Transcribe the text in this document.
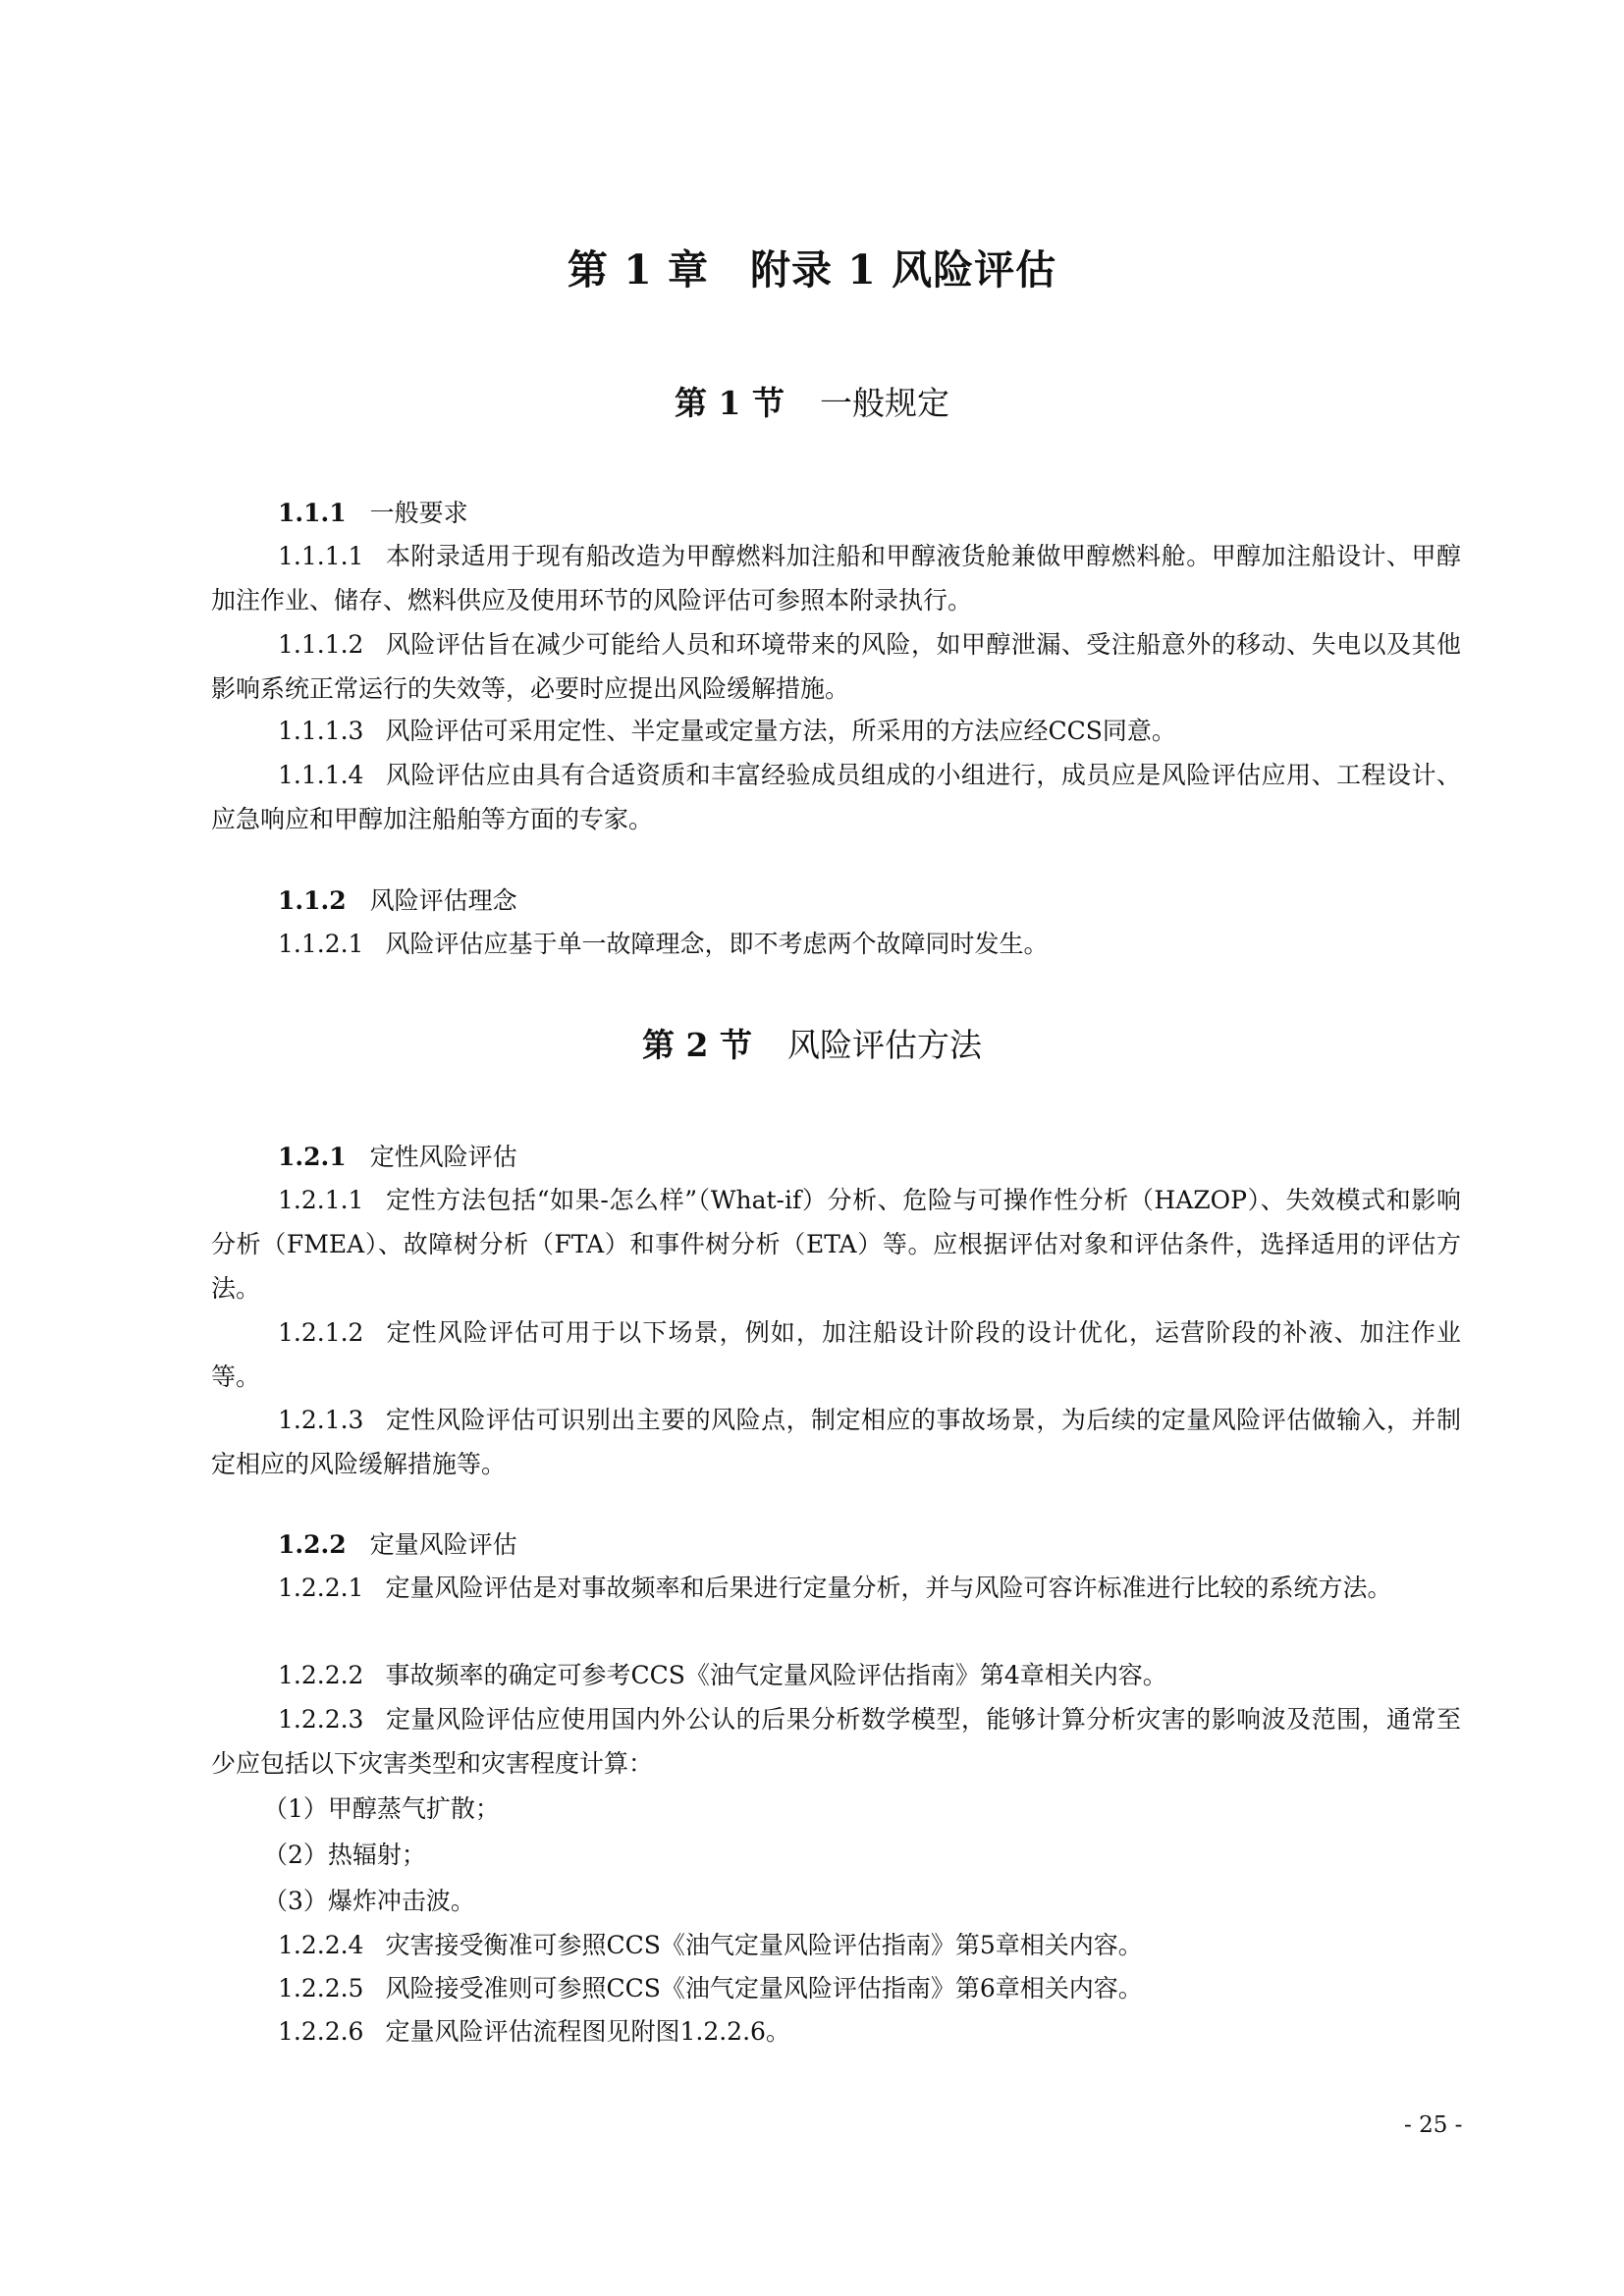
第 1 章　附录 1 风险评估
第 1 节 一般规定
1.1.1 一般要求
1.1.1.1 本附录适用于现有船改造为甲醇燃料加注船和甲醇液货舱兼做甲醇燃料舱。甲醇加注船设计、甲醇加注作业、储存、燃料供应及使用环节的风险评估可参照本附录执行。
1.1.1.2 风险评估旨在减少可能给人员和环境带来的风险，如甲醇泄漏、受注船意外的移动、失电以及其他影响系统正常运行的失效等，必要时应提出风险缓解措施。
1.1.1.3 风险评估可采用定性、半定量或定量方法，所采用的方法应经CCS同意。
1.1.1.4 风险评估应由具有合适资质和丰富经验成员组成的小组进行，成员应是风险评估应用、工程设计、应急响应和甲醇加注船舶等方面的专家。
1.1.2 风险评估理念
1.1.2.1 风险评估应基于单一故障理念，即不考虑两个故障同时发生。
第 2 节 风险评估方法
1.2.1 定性风险评估
1.2.1.1 定性方法包括“如果-怎么样”（What-if）分析、危险与可操作性分析（HAZOP）、失效模式和影响分析（FMEA）、故障树分析（FTA）和事件树分析（ETA）等。应根据评估对象和评估条件，选择适用的评估方法。
1.2.1.2 定性风险评估可用于以下场景，例如，加注船设计阶段的设计优化，运营阶段的补液、加注作业等。
1.2.1.3 定性风险评估可识别出主要的风险点，制定相应的事故场景，为后续的定量风险评估做输入，并制定相应的风险缓解措施等。
1.2.2 定量风险评估
1.2.2.1 定量风险评估是对事故频率和后果进行定量分析，并与风险可容许标准进行比较的系统方法。
1.2.2.2 事故频率的确定可参考CCS《油气定量风险评估指南》第4章相关内容。
1.2.2.3 定量风险评估应使用国内外公认的后果分析数学模型，能够计算分析灾害的影响波及范围，通常至少应包括以下灾害类型和灾害程度计算：
（1）甲醇蒸气扩散；
（2）热辐射；
（3）爆炸冲击波。
1.2.2.4 灾害接受衡准可参照CCS《油气定量风险评估指南》第5章相关内容。
1.2.2.5 风险接受准则可参照CCS《油气定量风险评估指南》第6章相关内容。
1.2.2.6 定量风险评估流程图见附图1.2.2.6。
- 25 -
